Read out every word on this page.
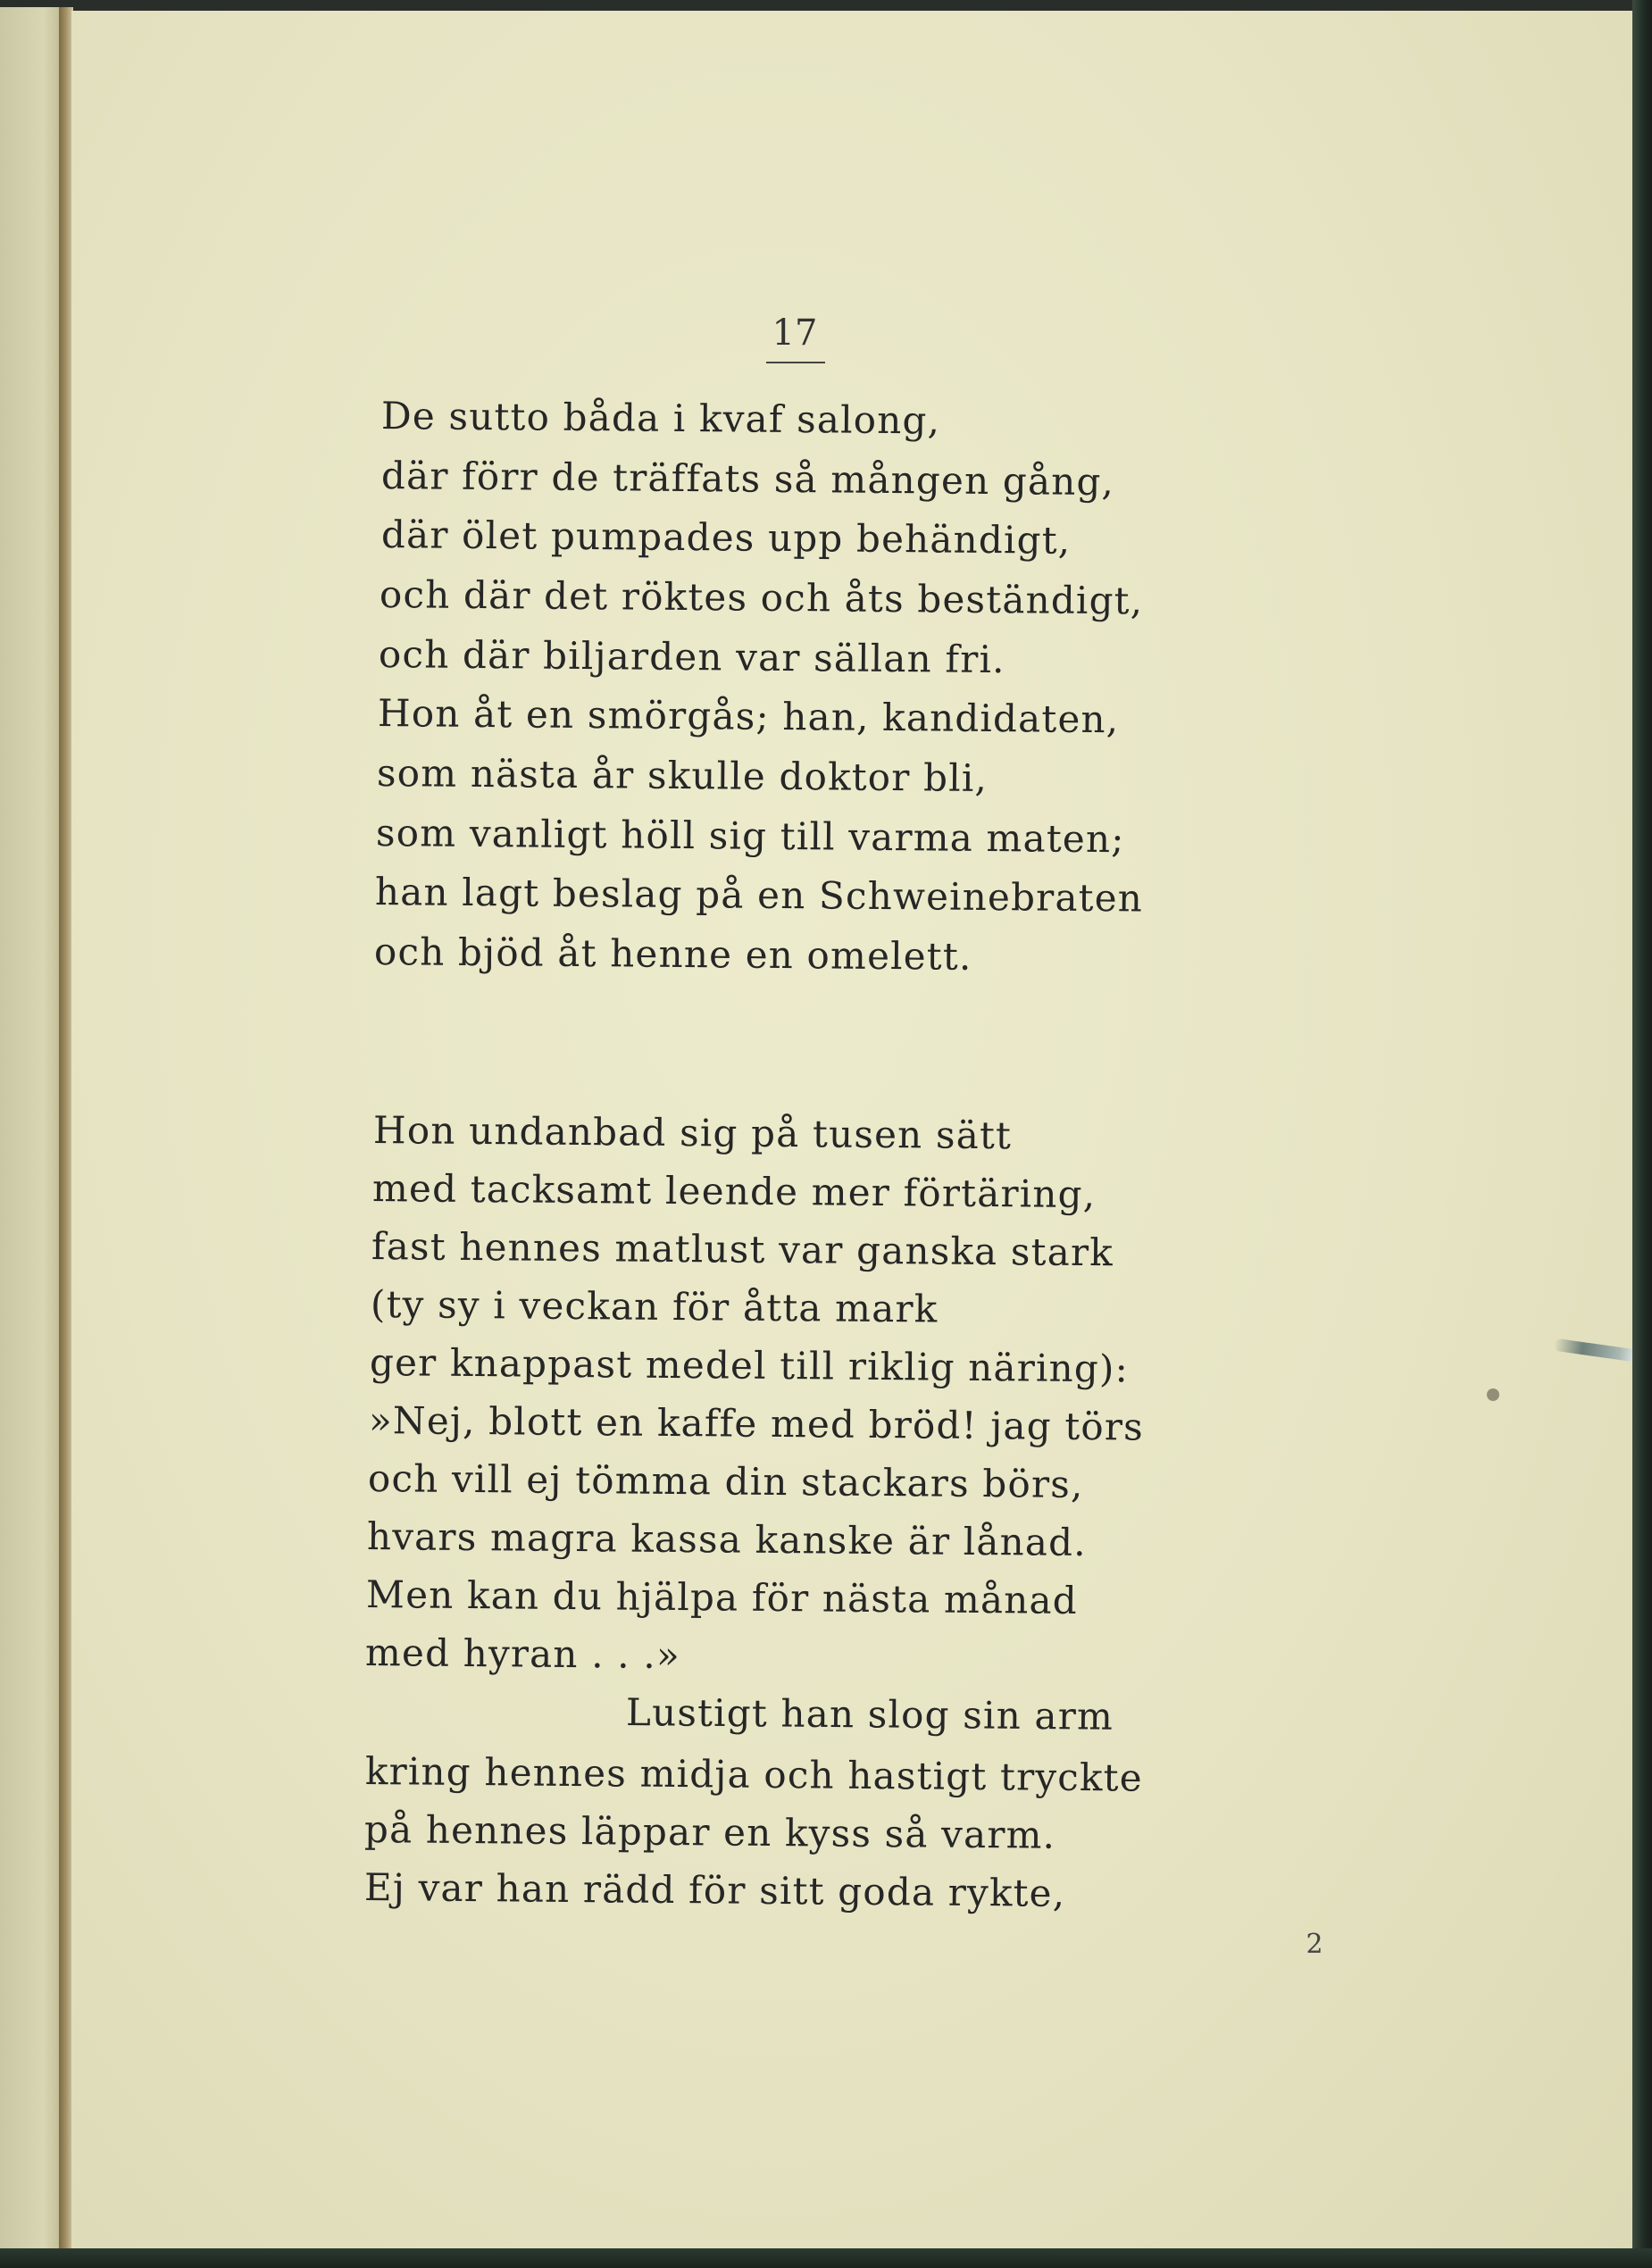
17
De sutto båda i kvaf salong,
där förr de träffats så mången gång,
där ölet pumpades upp behändigt,
och där det röktes och åts beständigt,
och där biljarden var sällan fri.
Hon åt en smörgås; han, kandidaten,
som nästa år skulle doktor bli,
som vanligt höll sig till varma maten;
han lagt beslag på en Schweinebraten
och bjöd åt henne en omelett.
Hon undanbad sig på tusen sätt
med tacksamt leende mer förtäring,
fast hennes matlust var ganska stark
(ty sy i veckan för åtta mark
ger knappast medel till riklig näring):
»Nej, blott en kaffe med bröd! jag törs
och vill ej tömma din stackars börs,
hvars magra kassa kanske är lånad.
Men kan du hjälpa för nästa månad
med hyran . . .»
Lustigt han slog sin arm
kring hennes midja och hastigt tryckte
på hennes läppar en kyss så varm.
Ej var han rädd för sitt goda rykte,
2
